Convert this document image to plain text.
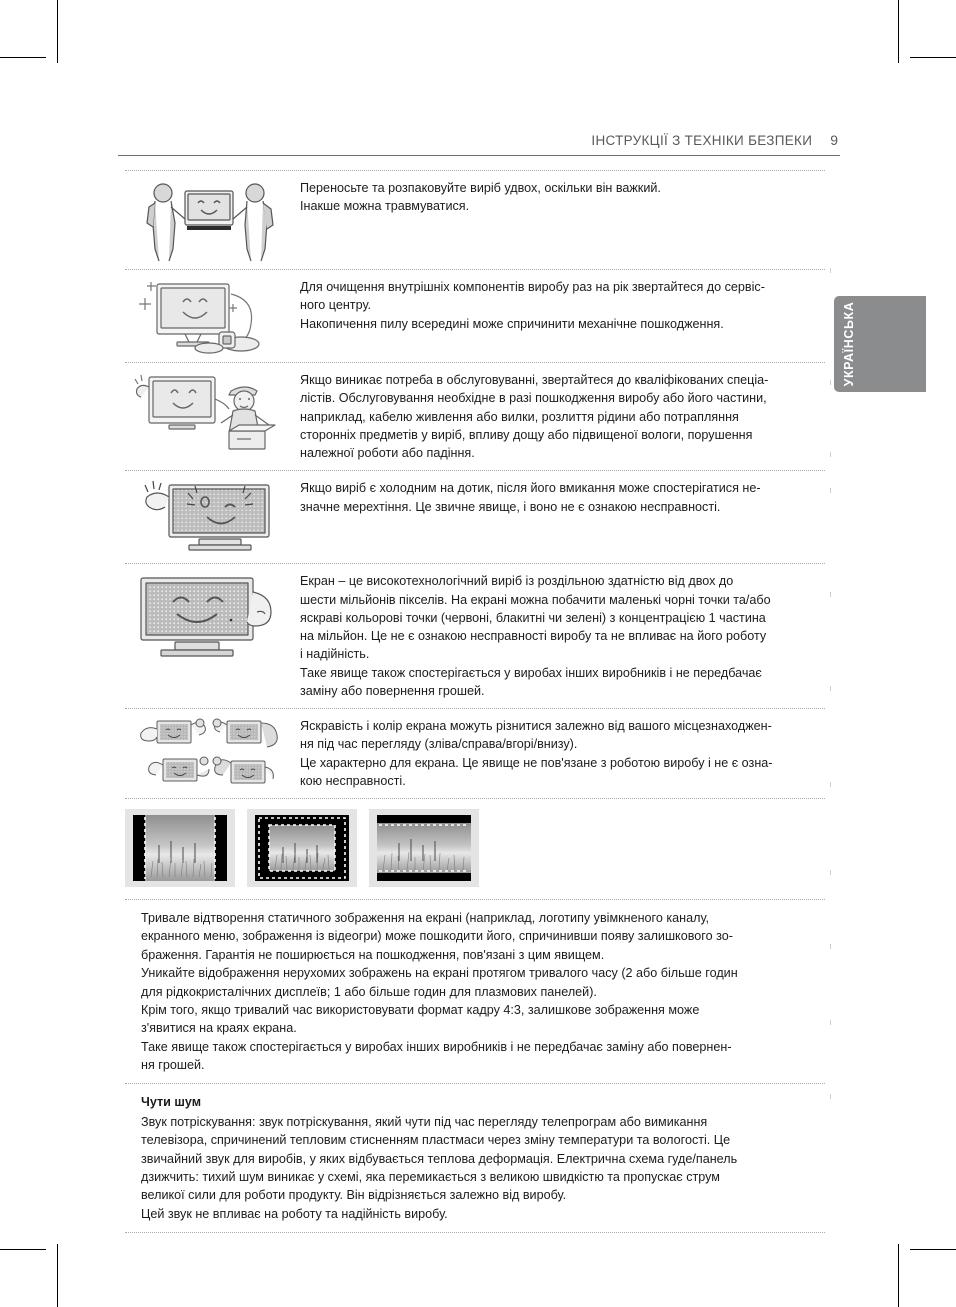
ІНСТРУКЦІЇ З ТЕХНІКИ БЕЗПЕКИ 9
УКРАЇНСЬКА

Переносьте та розпаковуйте виріб удвох, оскільки він важкий.

Інакше можна травмуватися.

Для очищення внутрішніх компонентів виробу раз на рік звертайтеся до сервіс-

ного центру.

Накопичення пилу всередині може спричинити механічне пошкодження.

Якщо виникає потреба в обслуговуванні, звертайтеся до кваліфікованих спеціа-

лістів. Обслуговування необхідне в разі пошкодження виробу або його частини,

наприклад, кабелю живлення або вилки, розлиття рідини або потрапляння

сторонніх предметів у виріб, впливу дощу або підвищеної вологи, порушення

належної роботи або падіння.

Якщо виріб є холодним на дотик, після його вмикання може спостерігатися не-

значне мерехтіння. Це звичне явище, і воно не є ознакою несправності.

Екран – це високотехнологічний виріб із роздільною здатністю від двох до

шести мільйонів пікселів. На екрані можна побачити маленькі чорні точки та/або

яскраві кольорові точки (червоні, блакитні чи зелені) з концентрацією 1 частина

на мільйон. Це не є ознакою несправності виробу та не впливає на його роботу

і надійність.

Таке явище також спостерігається у виробах інших виробників і не передбачає

заміну або повернення грошей.

Яскравість і колір екрана можуть різнитися залежно від вашого місцезнаходжен-

ня під час перегляду (зліва/справа/вгорі/внизу).

Це характерно для екрана. Це явище не пов'язане з роботою виробу і не є озна-

кою несправності.

Тривале відтворення статичного зображення на екрані (наприклад, логотипу увімкненого каналу,

екранного меню, зображення із відеогри) може пошкодити його, спричинивши появу залишкового зо-

браження. Гарантія не поширюється на пошкодження, пов'язані з цим явищем.

Уникайте відображення нерухомих зображень на екрані протягом тривалого часу (2 або більше годин

для рідкокристалічних дисплеїв; 1 або більше годин для плазмових панелей).

Крім того, якщо тривалий час використовувати формат кадру 4:3, залишкове зображення може

з'явитися на краях екрана.

Таке явище також спостерігається у виробах інших виробників і не передбачає заміну або повернен-

ня грошей.

Чути шум

Звук потріскування: звук потріскування, який чути під час перегляду телепрограм або вимикання

телевізора, спричинений тепловим стисненням пластмаси через зміну температури та вологості. Це

звичайний звук для виробів, у яких відбувається теплова деформація. Електрична схема гуде/панель

дзижчить: тихий шум виникає у схемі, яка перемикається з великою швидкістю та пропускає струм

великої сили для роботи продукту. Він відрізняється залежно від виробу.

Цей звук не впливає на роботу та надійність виробу.
